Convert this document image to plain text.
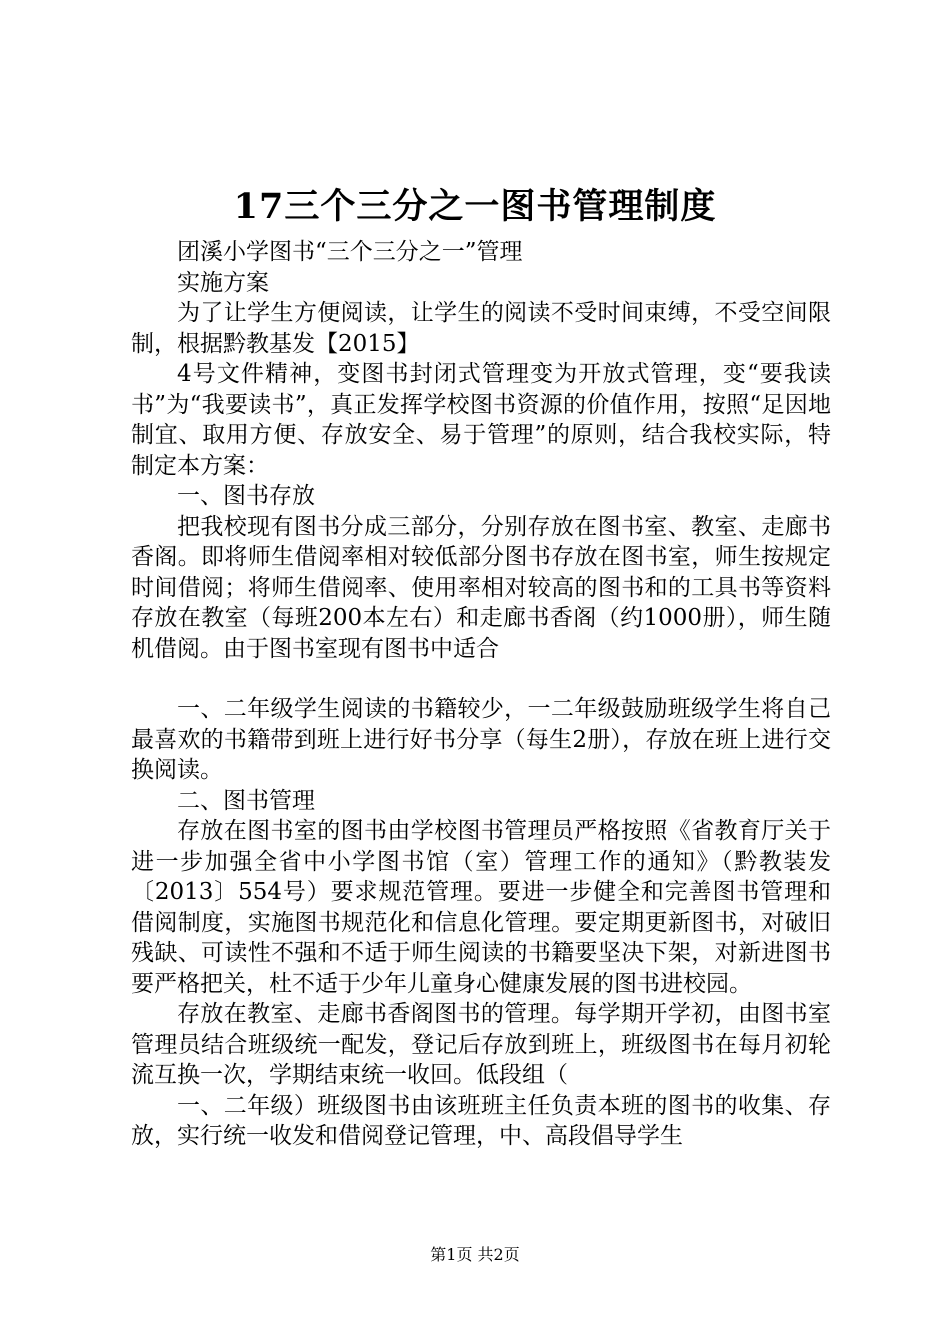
17三个三分之一图书管理制度

团溪小学图书“三个三分之一”管理

实施方案

为了让学生方便阅读，让学生的阅读不受时间束缚，不受空间限制，根据黔教基发【2015】

4号文件精神，变图书封闭式管理变为开放式管理，变“要我读书”为“我要读书”，真正发挥学校图书资源的价值作用，按照“足因地制宜、取用方便、存放安全、易于管理”的原则，结合我校实际，特制定本方案：

一、图书存放

把我校现有图书分成三部分，分别存放在图书室、教室、走廊书香阁。即将师生借阅率相对较低部分图书存放在图书室，师生按规定时间借阅；将师生借阅率、使用率相对较高的图书和的工具书等资料存放在教室（每班200本左右）和走廊书香阁（约1000册），师生随机借阅。由于图书室现有图书中适合

一、二年级学生阅读的书籍较少，一二年级鼓励班级学生将自己最喜欢的书籍带到班上进行好书分享（每生2册），存放在班上进行交换阅读。

二、图书管理

存放在图书室的图书由学校图书管理员严格按照《省教育厅关于进一步加强全省中小学图书馆（室）管理工作的通知》（黔教装发〔2013〕554号）要求规范管理。要进一步健全和完善图书管理和借阅制度，实施图书规范化和信息化管理。要定期更新图书，对破旧残缺、可读性不强和不适于师生阅读的书籍要坚决下架，对新进图书要严格把关，杜不适于少年儿童身心健康发展的图书进校园。

存放在教室、走廊书香阁图书的管理。每学期开学初，由图书室管理员结合班级统一配发，登记后存放到班上，班级图书在每月初轮流互换一次，学期结束统一收回。低段组（

一、二年级）班级图书由该班班主任负责本班的图书的收集、存放，实行统一收发和借阅登记管理，中、高段倡导学生

第1页 共2页
